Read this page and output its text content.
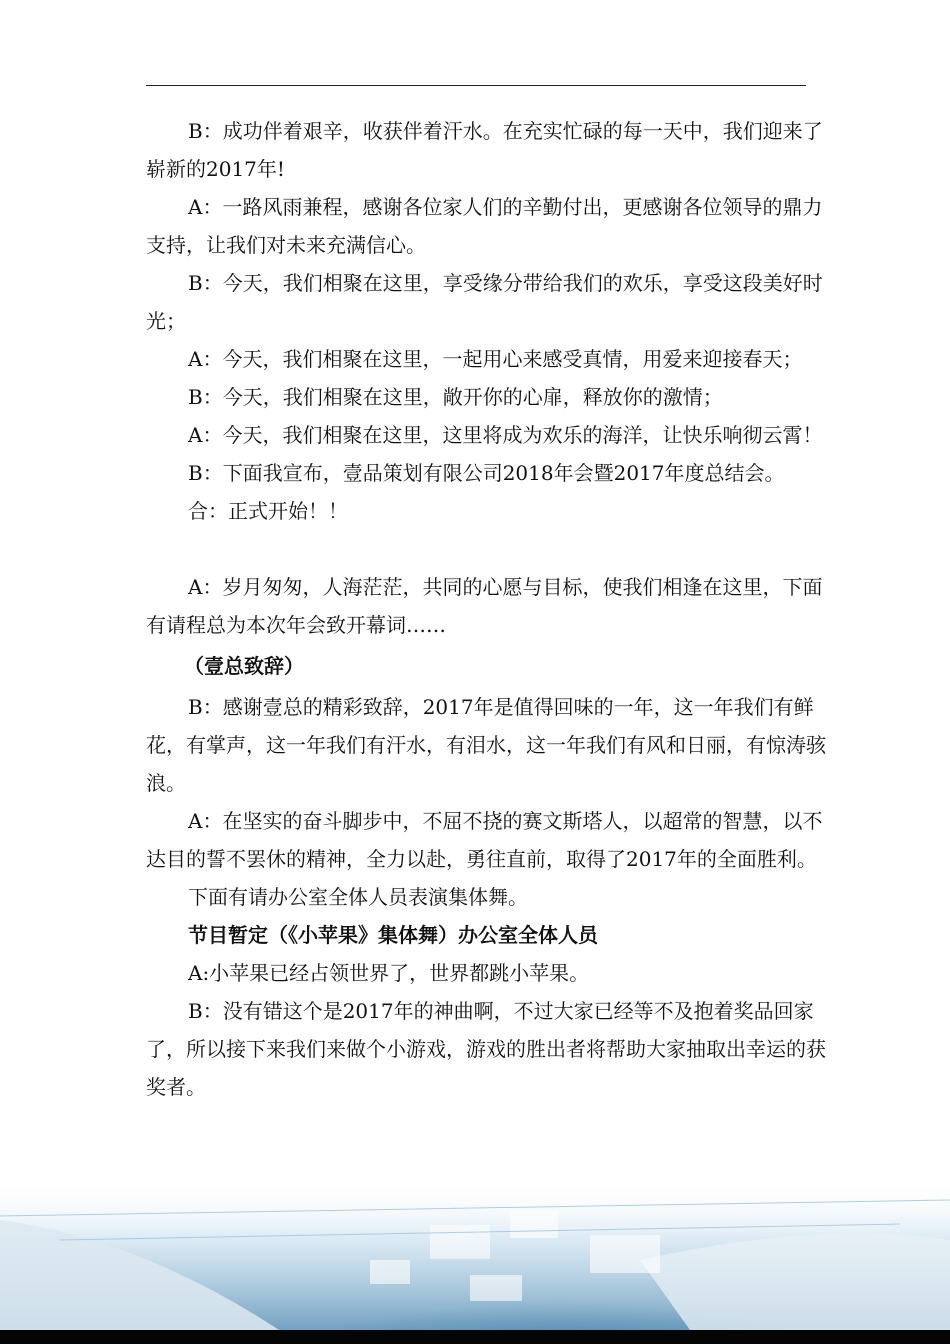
B：成功伴着艰辛，收获伴着汗水。在充实忙碌的每一天中，我们迎来了崭新的2017年!

A：一路风雨兼程，感谢各位家人们的辛勤付出，更感谢各位领导的鼎力支持，让我们对未来充满信心。

B：今天，我们相聚在这里，享受缘分带给我们的欢乐，享受这段美好时光；

A：今天，我们相聚在这里，一起用心来感受真情，用爱来迎接春天；

B：今天，我们相聚在这里，敞开你的心扉，释放你的激情；

A：今天，我们相聚在这里，这里将成为欢乐的海洋，让快乐响彻云霄！

B：下面我宣布，壹品策划有限公司2018年会暨2017年度总结会。

合：正式开始！！

A：岁月匆匆，人海茫茫，共同的心愿与目标，使我们相逢在这里，下面有请程总为本次年会致开幕词……

（壹总致辞）

B：感谢壹总的精彩致辞，2017年是值得回味的一年，这一年我们有鲜花，有掌声，这一年我们有汗水，有泪水，这一年我们有风和日丽，有惊涛骇浪。

A：在坚实的奋斗脚步中，不屈不挠的赛文斯塔人，以超常的智慧，以不达目的誓不罢休的精神，全力以赴，勇往直前，取得了2017年的全面胜利。

下面有请办公室全体人员表演集体舞。

节目暂定（《小苹果》集体舞）办公室全体人员

A:小苹果已经占领世界了，世界都跳小苹果。

B：没有错这个是2017年的神曲啊，不过大家已经等不及抱着奖品回家了，所以接下来我们来做个小游戏，游戏的胜出者将帮助大家抽取出幸运的获奖者。
